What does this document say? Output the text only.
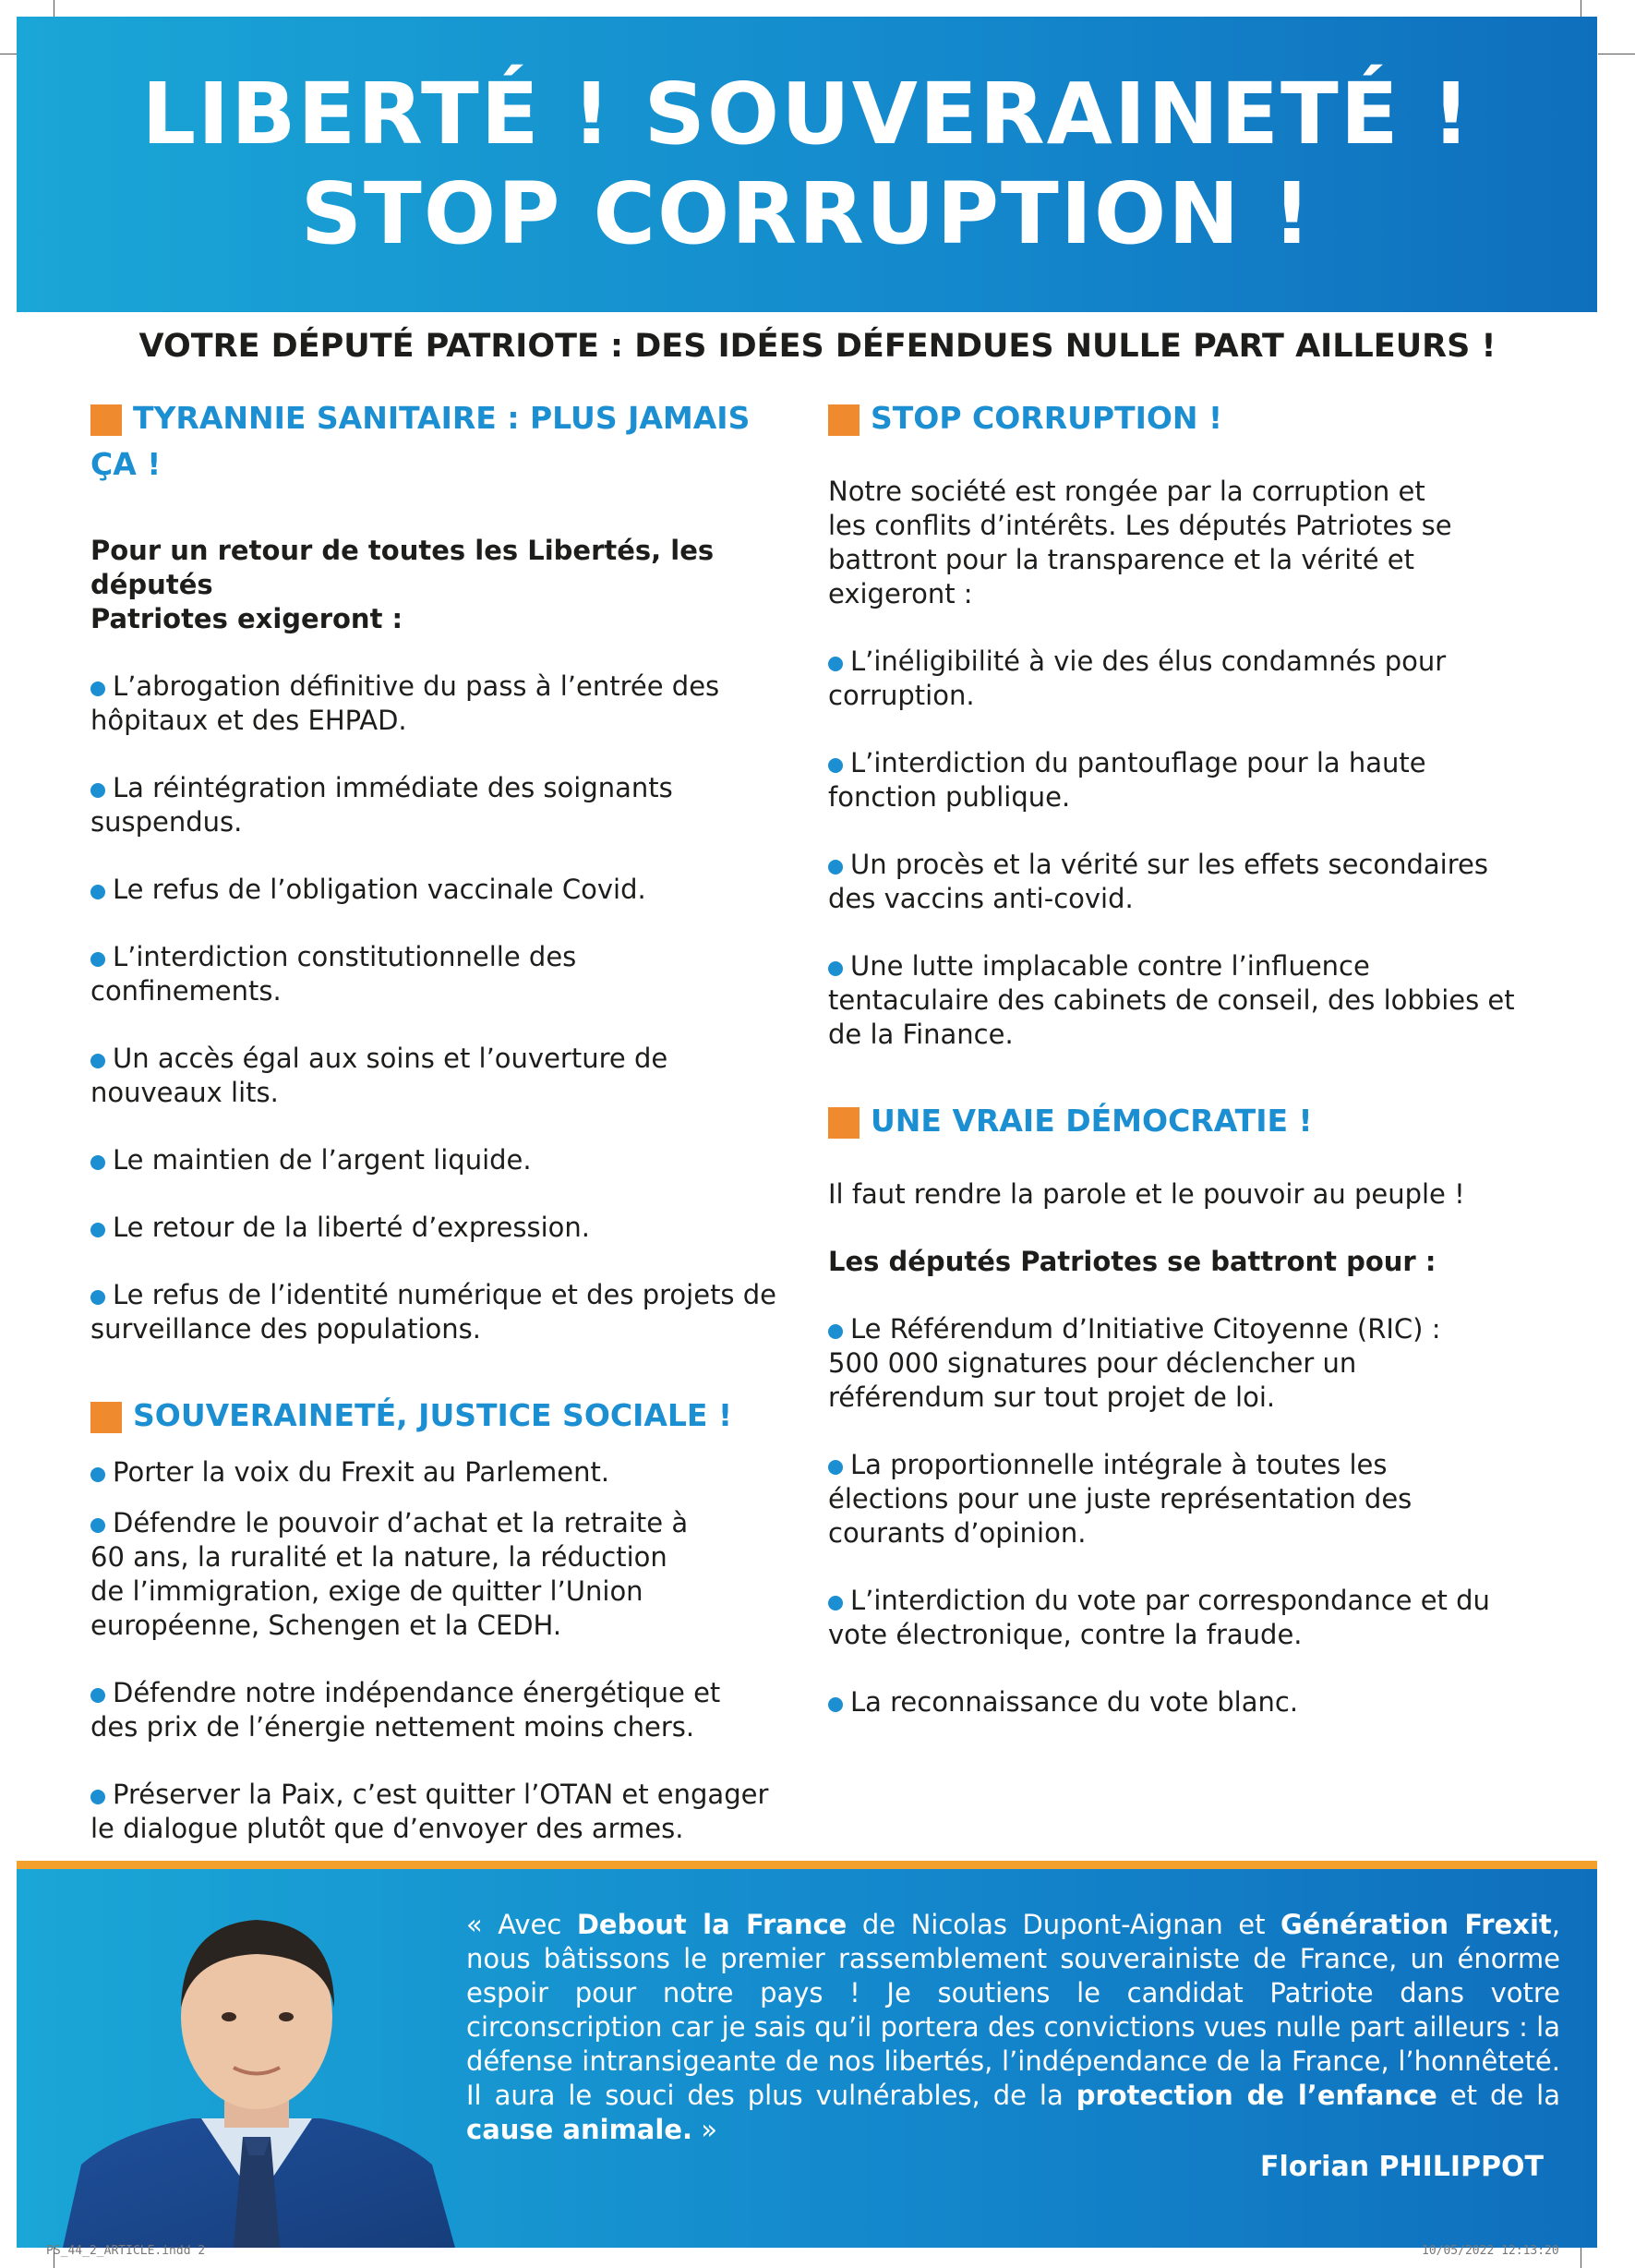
LIBERTÉ ! SOUVERAINETÉ !
STOP CORRUPTION !
VOTRE DÉPUTÉ PATRIOTE : DES IDÉES DÉFENDUES NULLE PART AILLEURS !
TYRANNIE SANITAIRE : PLUS JAMAIS
ÇA !

Pour un retour de toutes les Libertés, les députés
Patriotes exigeront :

L’abrogation définitive du pass à l’entrée des
hôpitaux et des EHPAD.

La réintégration immédiate des soignants
suspendus.

Le refus de l’obligation vaccinale Covid.

L’interdiction constitutionnelle des
confinements.

Un accès égal aux soins et l’ouverture de
nouveaux lits.

Le maintien de l’argent liquide.

Le retour de la liberté d’expression.

Le refus de l’identité numérique et des projets de
surveillance des populations.

SOUVERAINETÉ, JUSTICE SOCIALE !

Porter la voix du Frexit au Parlement.

Défendre le pouvoir d’achat et la retraite à
60 ans, la ruralité et la nature, la réduction
de l’immigration, exige de quitter l’Union
européenne, Schengen et la CEDH.

Défendre notre indépendance énergétique et
des prix de l’énergie nettement moins chers.

Préserver la Paix, c’est quitter l’OTAN et engager
le dialogue plutôt que d’envoyer des armes.

STOP CORRUPTION !

Notre société est rongée par la corruption et
les conflits d’intérêts. Les députés Patriotes se
battront pour la transparence et la vérité et
exigeront :

L’inéligibilité à vie des élus condamnés pour
corruption.

L’interdiction du pantouflage pour la haute
fonction publique.

Un procès et la vérité sur les effets secondaires
des vaccins anti-covid.

Une lutte implacable contre l’influence
tentaculaire des cabinets de conseil, des lobbies et
de la Finance.

UNE VRAIE DÉMOCRATIE !

Il faut rendre la parole et le pouvoir au peuple !

Les députés Patriotes se battront pour :

Le Référendum d’Initiative Citoyenne (RIC) :
500 000 signatures pour déclencher un
référendum sur tout projet de loi.

La proportionnelle intégrale à toutes les
élections pour une juste représentation des
courants d’opinion.

L’interdiction du vote par correspondance et du
vote électronique, contre la fraude.

La reconnaissance du vote blanc.

« Avec Debout la France de Nicolas Dupont-Aignan et Génération Frexit, nous bâtissons le premier rassemblement souverainiste de France, un énorme espoir pour notre pays ! Je soutiens le candidat Patriote dans votre circonscription car je sais qu’il portera des convictions vues nulle part ailleurs : la défense intransigeante de nos libertés, l’indépendance de la France, l’honnêteté. Il aura le souci des plus vulnérables, de la protection de l’enfance et de la cause animale. »

Florian PHILIPPOT
PS_44_2_ARTICLE.indd 2	10/05/2022 12:13:20
